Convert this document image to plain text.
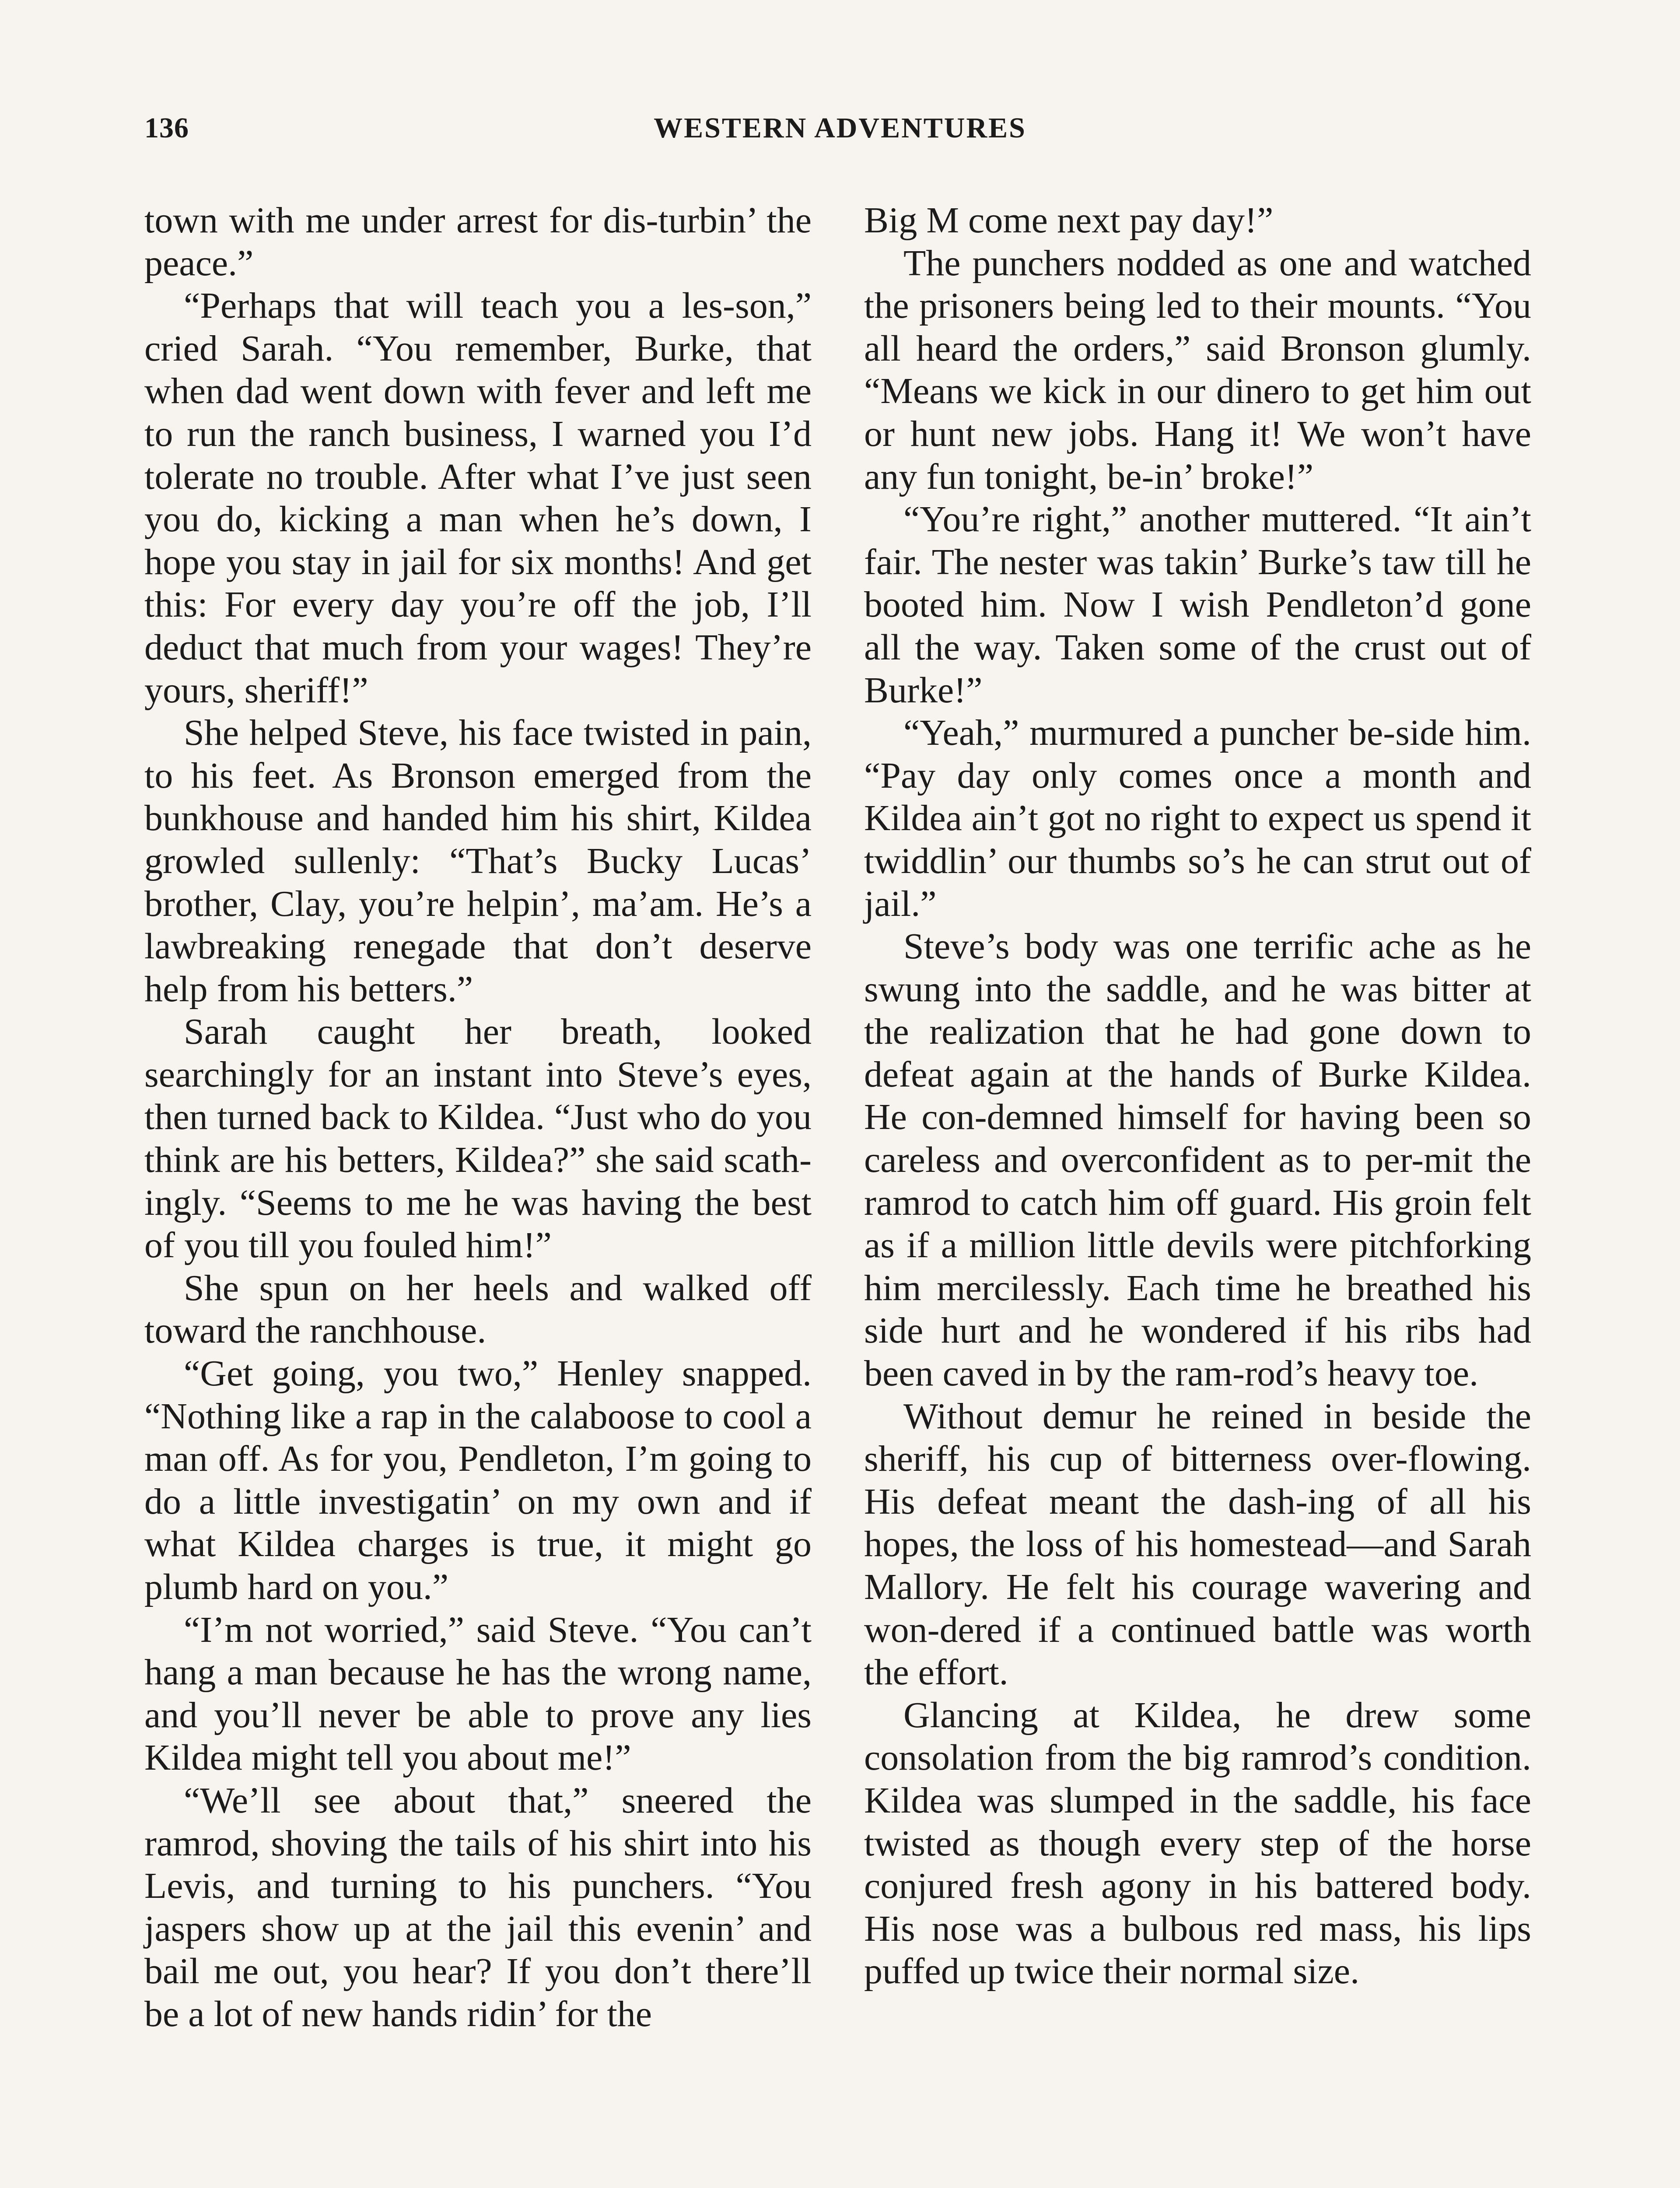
136	WESTERN ADVENTURES

town with me under arrest for dis-turbin’ the peace.”

“Perhaps that will teach you a les-son,” cried Sarah. “You remember, Burke, that when dad went down with fever and left me to run the ranch business, I warned you I’d tolerate no trouble. After what I’ve just seen you do, kicking a man when he’s down, I hope you stay in jail for six months! And get this: For every day you’re off the job, I’ll deduct that much from your wages! They’re yours, sheriff!”

She helped Steve, his face twisted in pain, to his feet. As Bronson emerged from the bunkhouse and handed him his shirt, Kildea growled sullenly: “That’s Bucky Lucas’ brother, Clay, you’re helpin’, ma’am. He’s a lawbreaking renegade that don’t deserve help from his betters.”

Sarah caught her breath, looked searchingly for an instant into Steve’s eyes, then turned back to Kildea. “Just who do you think are his betters, Kildea?” she said scath-ingly. “Seems to me he was having the best of you till you fouled him!”

She spun on her heels and walked off toward the ranchhouse.

“Get going, you two,” Henley snapped. “Nothing like a rap in the calaboose to cool a man off. As for you, Pendleton, I’m going to do a little investigatin’ on my own and if what Kildea charges is true, it might go plumb hard on you.”

“I’m not worried,” said Steve. “You can’t hang a man because he has the wrong name, and you’ll never be able to prove any lies Kildea might tell you about me!”

“We’ll see about that,” sneered the ramrod, shoving the tails of his shirt into his Levis, and turning to his punchers. “You jaspers show up at the jail this evenin’ and bail me out, you hear? If you don’t there’ll be a lot of new hands ridin’ for the

Big M come next pay day!”

The punchers nodded as one and watched the prisoners being led to their mounts. “You all heard the orders,” said Bronson glumly. “Means we kick in our dinero to get him out or hunt new jobs. Hang it! We won’t have any fun tonight, be-in’ broke!”

“You’re right,” another muttered. “It ain’t fair. The nester was takin’ Burke’s taw till he booted him. Now I wish Pendleton’d gone all the way. Taken some of the crust out of Burke!”

“Yeah,” murmured a puncher be-side him. “Pay day only comes once a month and Kildea ain’t got no right to expect us spend it twiddlin’ our thumbs so’s he can strut out of jail.”

Steve’s body was one terrific ache as he swung into the saddle, and he was bitter at the realization that he had gone down to defeat again at the hands of Burke Kildea. He con-demned himself for having been so careless and overconfident as to per-mit the ramrod to catch him off guard. His groin felt as if a million little devils were pitchforking him mercilessly. Each time he breathed his side hurt and he wondered if his ribs had been caved in by the ram-rod’s heavy toe.

Without demur he reined in beside the sheriff, his cup of bitterness over-flowing. His defeat meant the dash-ing of all his hopes, the loss of his homestead—and Sarah Mallory. He felt his courage wavering and won-dered if a continued battle was worth the effort.

Glancing at Kildea, he drew some consolation from the big ramrod’s condition. Kildea was slumped in the saddle, his face twisted as though every step of the horse conjured fresh agony in his battered body. His nose was a bulbous red mass, his lips puffed up twice their normal size.
